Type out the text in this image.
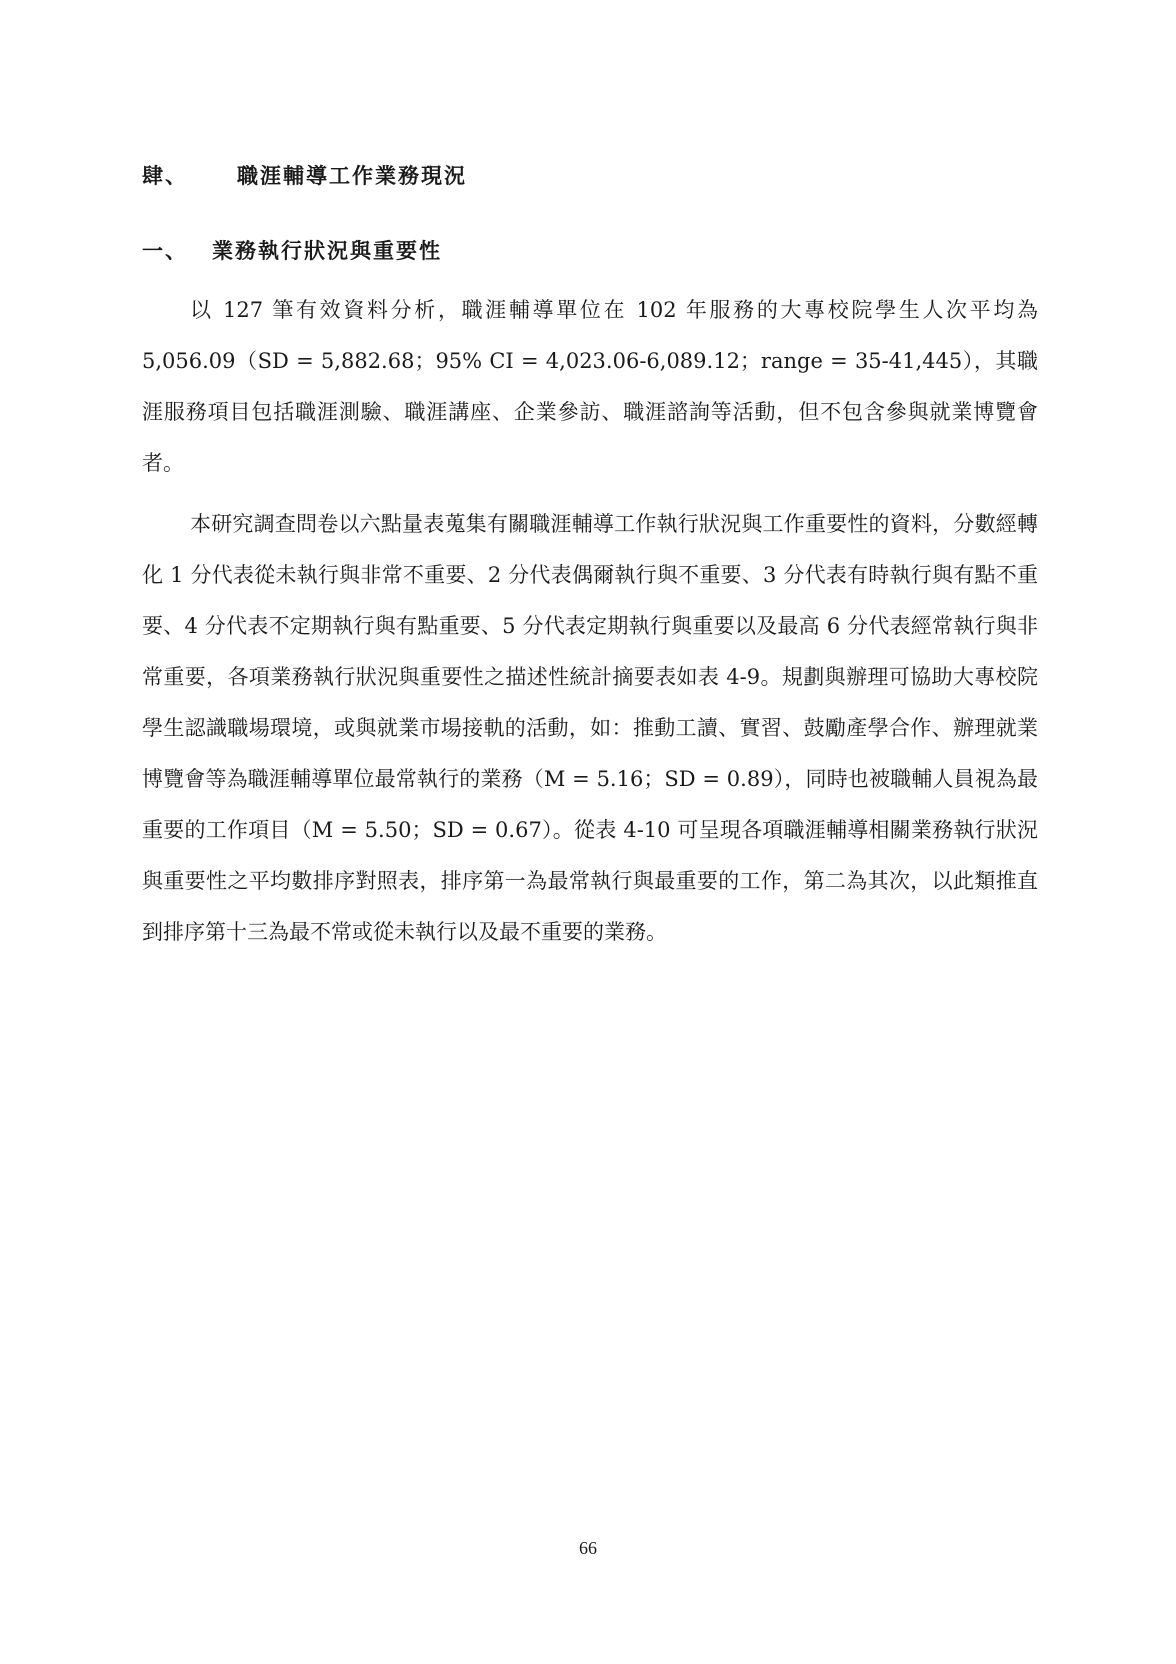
肆、 職涯輔導工作業務現況
一、 業務執行狀況與重要性

以 127 筆有效資料分析，職涯輔導單位在 102 年服務的大專校院學生人次平均為 5,056.09（SD = 5,882.68；95% CI = 4,023.06-6,089.12；range = 35-41,445），其職涯服務項目包括職涯測驗、職涯講座、企業參訪、職涯諮詢等活動，但不包含參與就業博覽會者。

本研究調查問卷以六點量表蒐集有關職涯輔導工作執行狀況與工作重要性的資料，分數經轉化 1 分代表從未執行與非常不重要、2 分代表偶爾執行與不重要、3 分代表有時執行與有點不重要、4 分代表不定期執行與有點重要、5 分代表定期執行與重要以及最高 6 分代表經常執行與非常重要，各項業務執行狀況與重要性之描述性統計摘要表如表 4-9。規劃與辦理可協助大專校院學生認識職場環境，或與就業市場接軌的活動，如：推動工讀、實習、鼓勵產學合作、辦理就業博覽會等為職涯輔導單位最常執行的業務（M = 5.16；SD = 0.89），同時也被職輔人員視為最重要的工作項目（M = 5.50；SD = 0.67）。從表 4-10 可呈現各項職涯輔導相關業務執行狀況與重要性之平均數排序對照表，排序第一為最常執行與最重要的工作，第二為其次，以此類推直到排序第十三為最不常或從未執行以及最不重要的業務。

66
